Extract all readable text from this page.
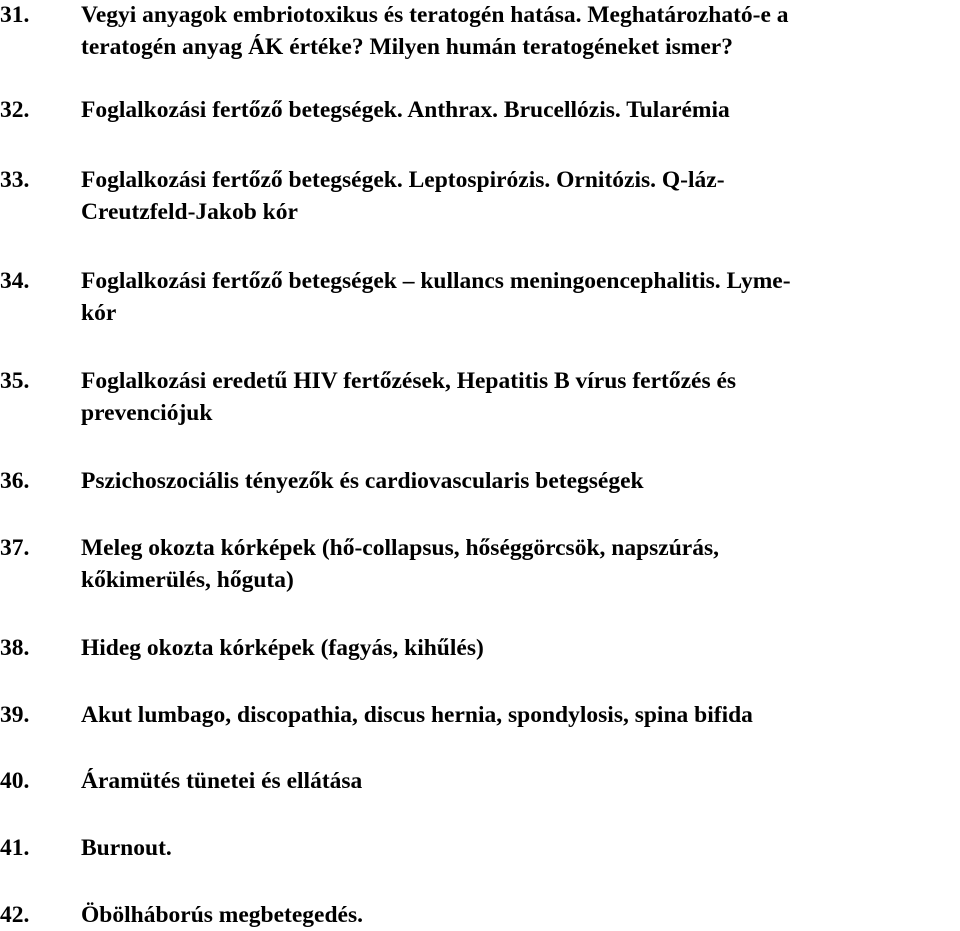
31. Vegyi anyagok embriotoxikus és teratogén hatása. Meghatározható-e a
teratogén anyag ÁK értéke? Milyen humán teratogéneket ismer?
32. Foglalkozási fertőző betegségek. Anthrax. Brucellózis. Tularémia
33. Foglalkozási fertőző betegségek. Leptospirózis. Ornitózis. Q-láz-
Creutzfeld-Jakob kór
34. Foglalkozási fertőző betegségek – kullancs meningoencephalitis. Lyme-
kór
35. Foglalkozási eredetű HIV fertőzések, Hepatitis B vírus fertőzés és
prevenciójuk
36. Pszichoszociális tényezők és cardiovascularis betegségek
37. Meleg okozta kórképek (hő-collapsus, hőséggörcsök, napszúrás,
kőkimerülés, hőguta)
38. Hideg okozta kórképek (fagyás, kihűlés)
39. Akut lumbago, discopathia, discus hernia, spondylosis, spina bifida
40. Áramütés tünetei és ellátása
41. Burnout.
42. Öbölháborús megbetegedés.
